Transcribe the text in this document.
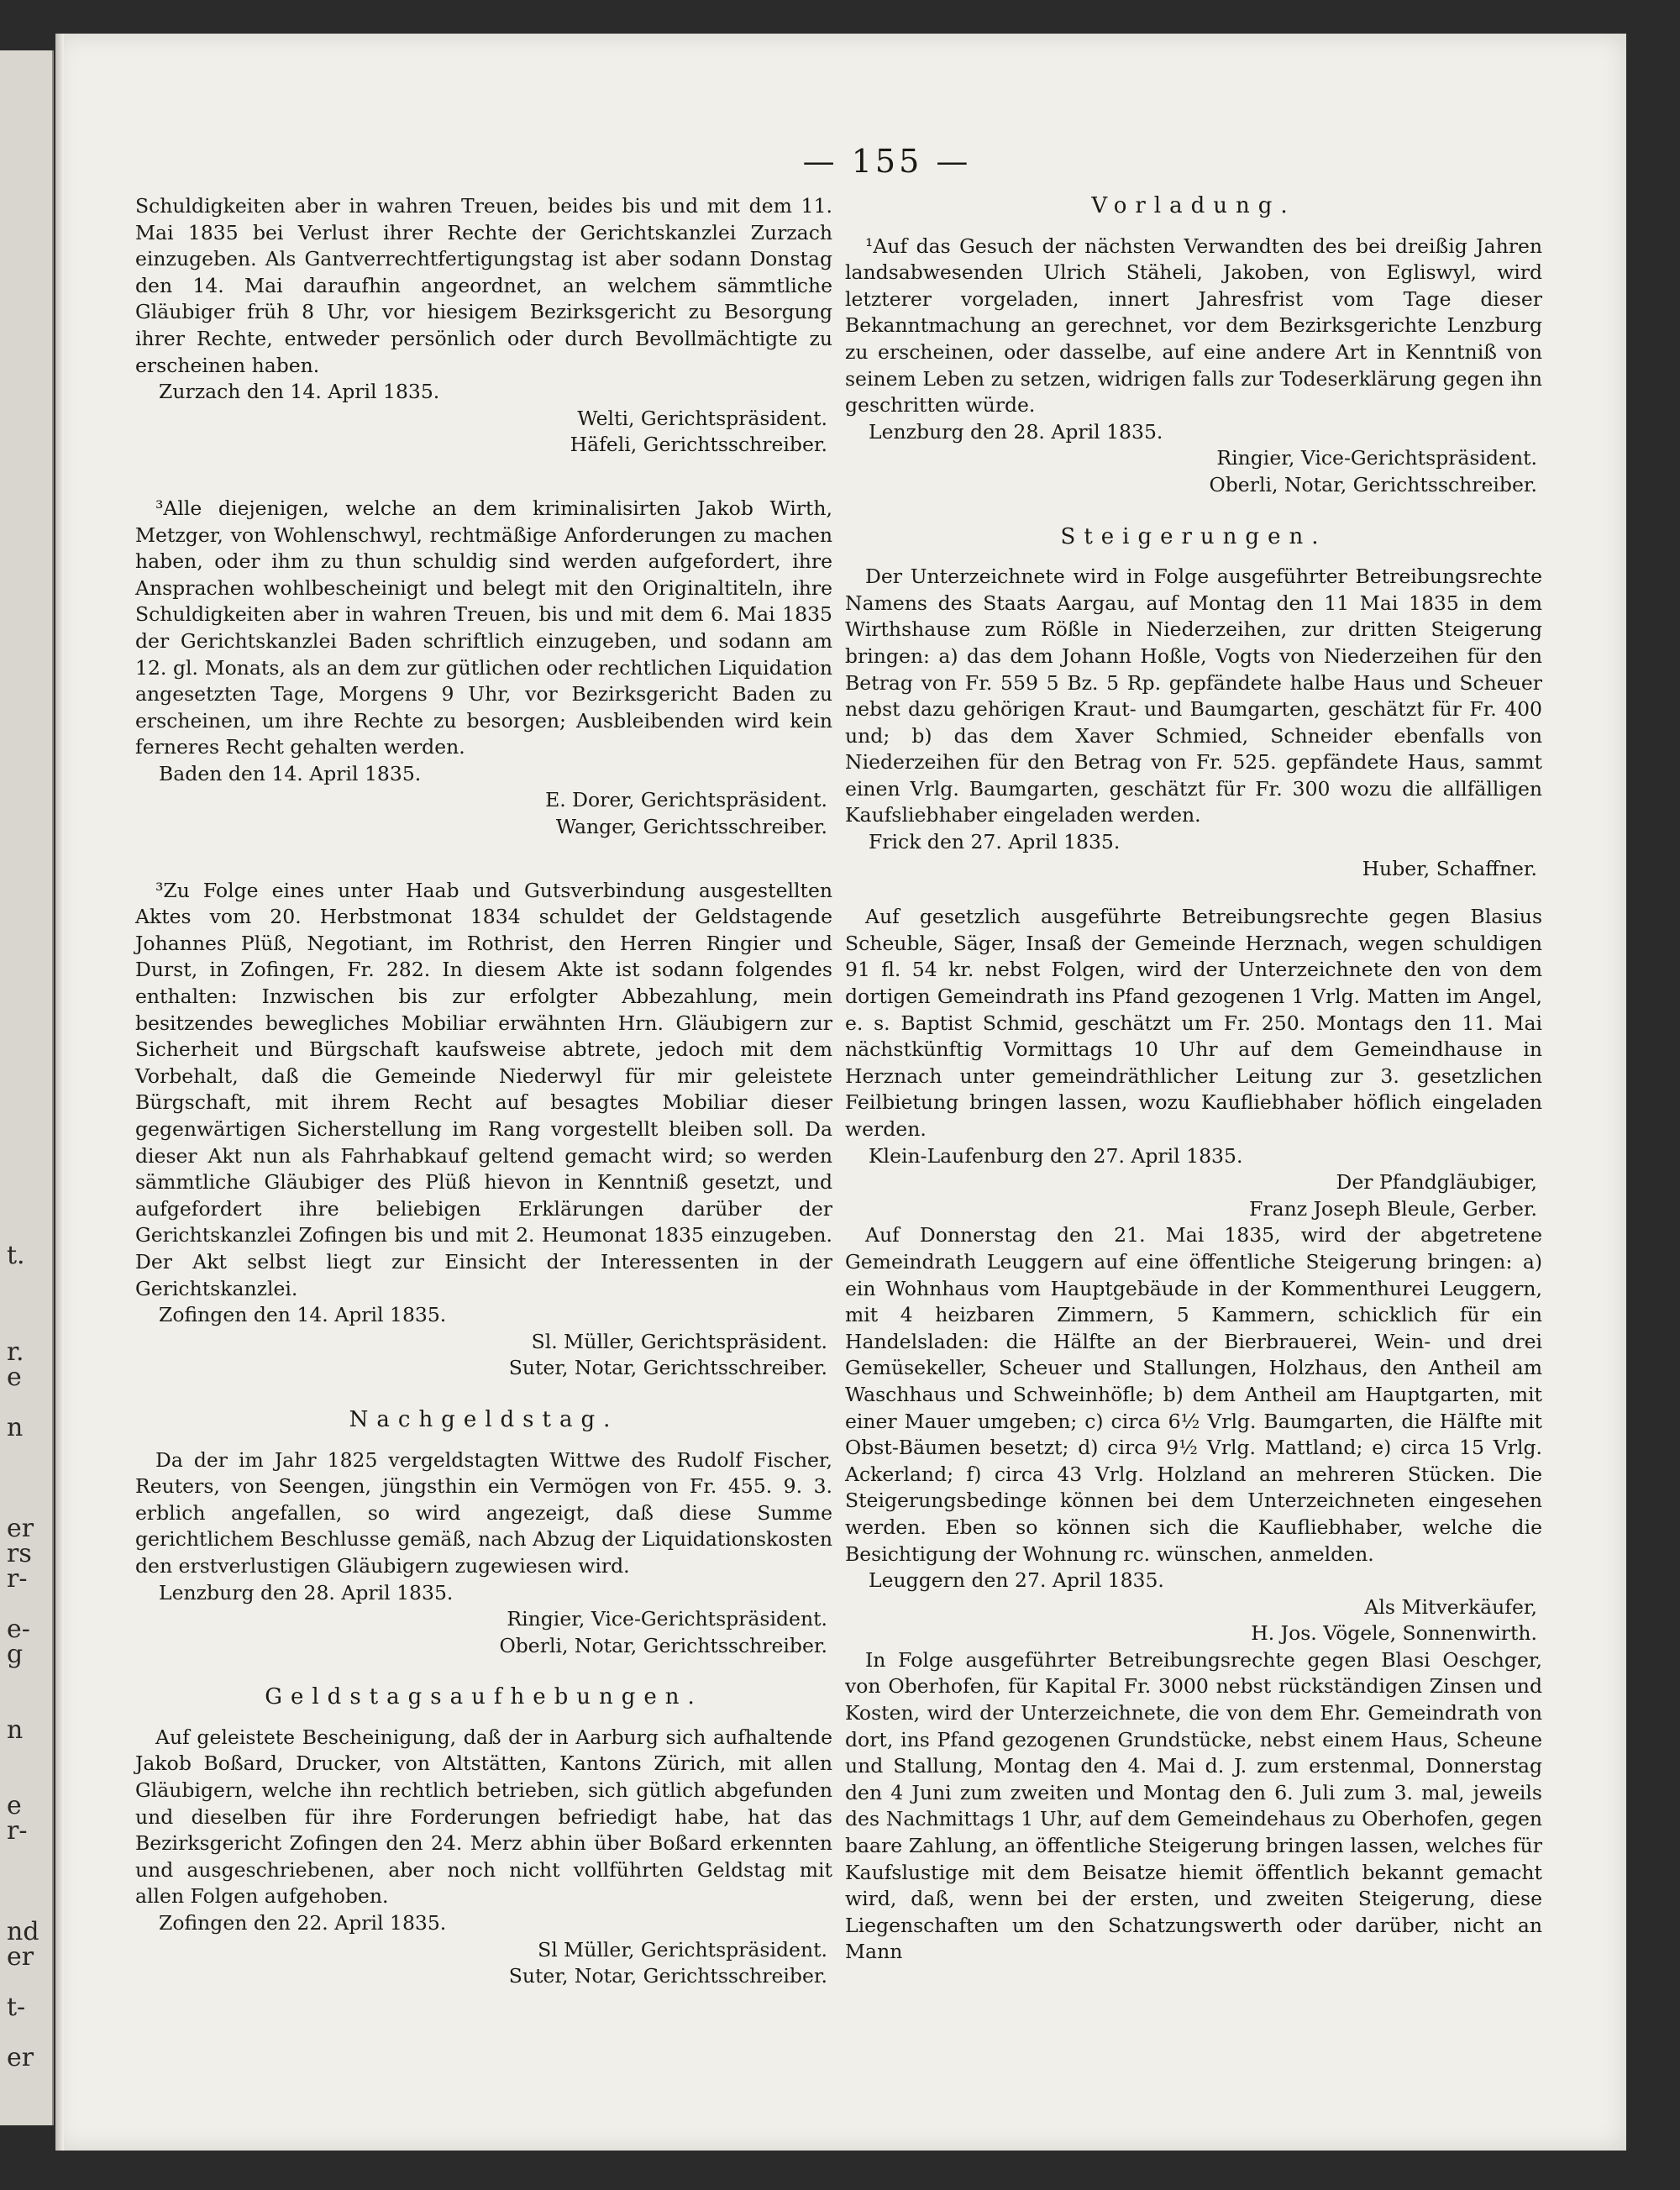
t.
r.
e
n
er
rs
r-
e-
g
n
e
r-
nd
er
t-
er
— 155 —

Schuldigkeiten aber in wahren Treuen, beides bis und mit dem 11. Mai 1835 bei Verlust ihrer Rechte der Gerichtskanzlei Zurzach einzugeben. Als Gantverrechtfertigungstag ist aber sodann Donstag den 14. Mai daraufhin angeordnet, an welchem sämmtliche Gläubiger früh 8 Uhr, vor hiesigem Bezirksgericht zu Besorgung ihrer Rechte, entweder persönlich oder durch Bevollmächtigte zu erscheinen haben.

Zurzach den 14. April 1835.

Welti, Gerichtspräsident.

Häfeli, Gerichtsschreiber.

³Alle diejenigen, welche an dem kriminalisirten Jakob Wirth, Metzger, von Wohlenschwyl, rechtmäßige Anforderungen zu machen haben, oder ihm zu thun schuldig sind werden aufgefordert, ihre Ansprachen wohlbescheinigt und belegt mit den Originaltiteln, ihre Schuldigkeiten aber in wahren Treuen, bis und mit dem 6. Mai 1835 der Gerichtskanzlei Baden schriftlich einzugeben, und sodann am 12. gl. Monats, als an dem zur gütlichen oder rechtlichen Liquidation angesetzten Tage, Morgens 9 Uhr, vor Bezirksgericht Baden zu erscheinen, um ihre Rechte zu besorgen; Ausbleibenden wird kein ferneres Recht gehalten werden.

Baden den 14. April 1835.

E. Dorer, Gerichtspräsident.

Wanger, Gerichtsschreiber.

³Zu Folge eines unter Haab und Gutsverbindung ausgestellten Aktes vom 20. Herbstmonat 1834 schuldet der Geldstagende Johannes Plüß, Negotiant, im Rothrist, den Herren Ringier und Durst, in Zofingen, Fr. 282. In diesem Akte ist sodann folgendes enthalten: Inzwischen bis zur erfolgter Abbezahlung, mein besitzendes bewegliches Mobiliar erwähnten Hrn. Gläubigern zur Sicherheit und Bürgschaft kaufsweise abtrete, jedoch mit dem Vorbehalt, daß die Gemeinde Niederwyl für mir geleistete Bürgschaft, mit ihrem Recht auf besagtes Mobiliar dieser gegenwärtigen Sicherstellung im Rang vorgestellt bleiben soll. Da dieser Akt nun als Fahrhabkauf geltend gemacht wird; so werden sämmtliche Gläubiger des Plüß hievon in Kenntniß gesetzt, und aufgefordert ihre beliebigen Erklärungen darüber der Gerichtskanzlei Zofingen bis und mit 2. Heumonat 1835 einzugeben. Der Akt selbst liegt zur Einsicht der Interessenten in der Gerichtskanzlei.

Zofingen den 14. April 1835.

Sl. Müller, Gerichtspräsident.

Suter, Notar, Gerichtsschreiber.

Nachgeldstag.

Da der im Jahr 1825 vergeldstagten Wittwe des Rudolf Fischer, Reuters, von Seengen, jüngsthin ein Vermögen von Fr. 455. 9. 3. erblich angefallen, so wird angezeigt, daß diese Summe gerichtlichem Beschlusse gemäß, nach Abzug der Liquidationskosten den erstverlustigen Gläubigern zugewiesen wird.

Lenzburg den 28. April 1835.

Ringier, Vice-Gerichtspräsident.

Oberli, Notar, Gerichtsschreiber.

Geldstagsaufhebungen.

Auf geleistete Bescheinigung, daß der in Aarburg sich aufhaltende Jakob Boßard, Drucker, von Altstätten, Kantons Zürich, mit allen Gläubigern, welche ihn rechtlich betrieben, sich gütlich abgefunden und dieselben für ihre Forderungen befriedigt habe, hat das Bezirksgericht Zofingen den 24. Merz abhin über Boßard erkennten und ausgeschriebenen, aber noch nicht vollführten Geldstag mit allen Folgen aufgehoben.

Zofingen den 22. April 1835.

Sl Müller, Gerichtspräsident.

Suter, Notar, Gerichtsschreiber.

Vorladung.

¹Auf das Gesuch der nächsten Verwandten des bei dreißig Jahren landsabwesenden Ulrich Stäheli, Jakoben, von Egliswyl, wird letzterer vorgeladen, innert Jahresfrist vom Tage dieser Bekanntmachung an gerechnet, vor dem Bezirksgerichte Lenzburg zu erscheinen, oder dasselbe, auf eine andere Art in Kenntniß von seinem Leben zu setzen, widrigen falls zur Todeserklärung gegen ihn geschritten würde.

Lenzburg den 28. April 1835.

Ringier, Vice-Gerichtspräsident.

Oberli, Notar, Gerichtsschreiber.

Steigerungen.

Der Unterzeichnete wird in Folge ausgeführter Betreibungsrechte Namens des Staats Aargau, auf Montag den 11 Mai 1835 in dem Wirthshause zum Rößle in Niederzeihen, zur dritten Steigerung bringen: a) das dem Johann Hoßle, Vogts von Niederzeihen für den Betrag von Fr. 559 5 Bz. 5 Rp. gepfändete halbe Haus und Scheuer nebst dazu gehörigen Kraut- und Baumgarten, geschätzt für Fr. 400 und; b) das dem Xaver Schmied, Schneider ebenfalls von Niederzeihen für den Betrag von Fr. 525. gepfändete Haus, sammt einen Vrlg. Baumgarten, geschätzt für Fr. 300 wozu die allfälligen Kaufsliebhaber eingeladen werden.

Frick den 27. April 1835.

Huber, Schaffner.

Auf gesetzlich ausgeführte Betreibungsrechte gegen Blasius Scheuble, Säger, Insaß der Gemeinde Herznach, wegen schuldigen 91 fl. 54 kr. nebst Folgen, wird der Unterzeichnete den von dem dortigen Gemeindrath ins Pfand gezogenen 1 Vrlg. Matten im Angel, e. s. Baptist Schmid, geschätzt um Fr. 250. Montags den 11. Mai nächstkünftig Vormittags 10 Uhr auf dem Gemeindhause in Herznach unter gemeindräthlicher Leitung zur 3. gesetzlichen Feilbietung bringen lassen, wozu Kaufliebhaber höflich eingeladen werden.

Klein-Laufenburg den 27. April 1835.

Der Pfandgläubiger,

Franz Joseph Bleule, Gerber.

Auf Donnerstag den 21. Mai 1835, wird der abgetretene Gemeindrath Leuggern auf eine öffentliche Steigerung bringen: a) ein Wohnhaus vom Hauptgebäude in der Kommenthurei Leuggern, mit 4 heizbaren Zimmern, 5 Kammern, schicklich für ein Handelsladen: die Hälfte an der Bierbrauerei, Wein- und drei Gemüsekeller, Scheuer und Stallungen, Holzhaus, den Antheil am Waschhaus und Schweinhöfle; b) dem Antheil am Hauptgarten, mit einer Mauer umgeben; c) circa 6½ Vrlg. Baumgarten, die Hälfte mit Obst-Bäumen besetzt; d) circa 9½ Vrlg. Mattland; e) circa 15 Vrlg. Ackerland; f) circa 43 Vrlg. Holzland an mehreren Stücken. Die Steigerungsbedinge können bei dem Unterzeichneten eingesehen werden. Eben so können sich die Kaufliebhaber, welche die Besichtigung der Wohnung rc. wünschen, anmelden.

Leuggern den 27. April 1835.

Als Mitverkäufer,

H. Jos. Vögele, Sonnenwirth.

In Folge ausgeführter Betreibungsrechte gegen Blasi Oeschger, von Oberhofen, für Kapital Fr. 3000 nebst rückständigen Zinsen und Kosten, wird der Unterzeichnete, die von dem Ehr. Gemeindrath von dort, ins Pfand gezogenen Grundstücke, nebst einem Haus, Scheune und Stallung, Montag den 4. Mai d. J. zum erstenmal, Donnerstag den 4 Juni zum zweiten und Montag den 6. Juli zum 3. mal, jeweils des Nachmittags 1 Uhr, auf dem Gemeindehaus zu Oberhofen, gegen baare Zahlung, an öffentliche Steigerung bringen lassen, welches für Kaufslustige mit dem Beisatze hiemit öffentlich bekannt gemacht wird, daß, wenn bei der ersten, und zweiten Steigerung, diese Liegenschaften um den Schatzungswerth oder darüber, nicht an Mann
